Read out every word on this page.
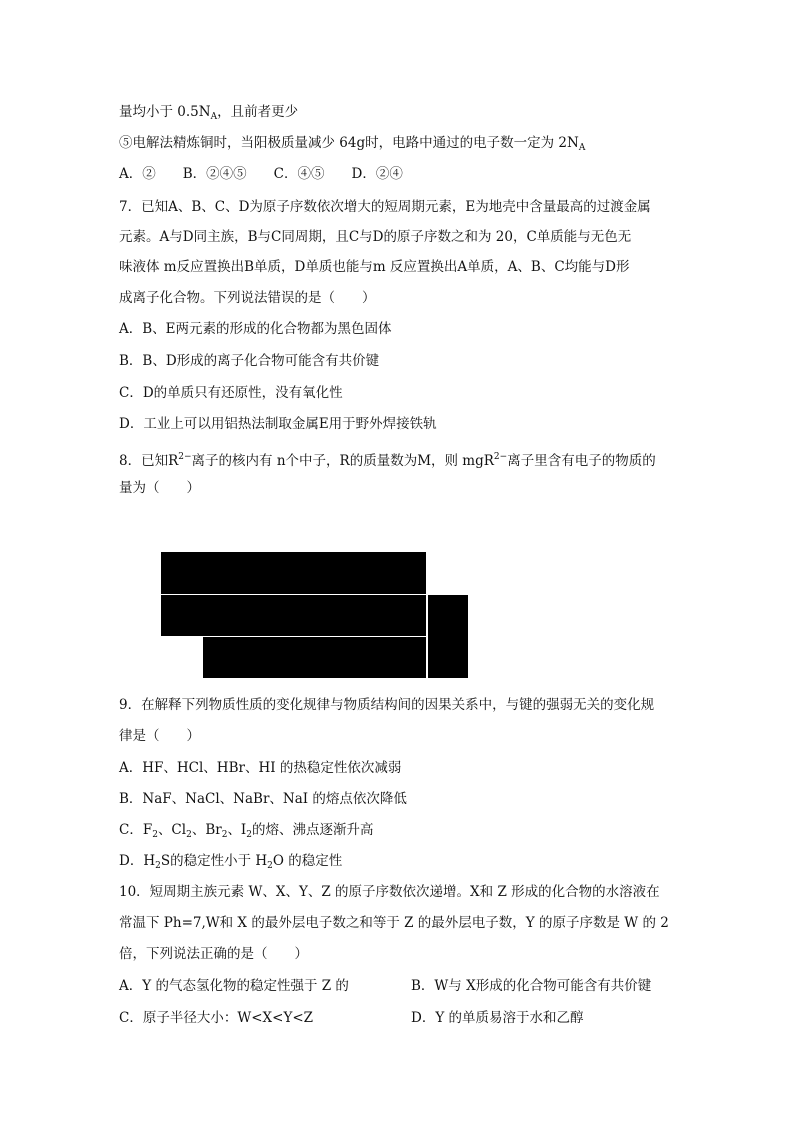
量均小于 $0.5N_A$，且前者更少
⑤电解法精炼铜时，当阳极质量减少 64g时，电路中通过的电子数一定为 $2N_A$
A．②　　B．②④⑤　　C．④⑤　　D．②④
7．已知A、B、C、D为原子序数依次增大的短周期元素，E为地壳中含量最高的过渡金属
元素。A与D同主族，B与C同周期，且C与D的原子序数之和为 20，C单质能与无色无
味液体 m反应置换出B单质，D单质也能与m 反应置换出A单质，A、B、C均能与D形
成离子化合物。下列说法错误的是（　　）
A．B、E两元素的形成的化合物都为黑色固体
B．B、D形成的离子化合物可能含有共价键
C．D的单质只有还原性，没有氧化性
D．工业上可以用铝热法制取金属E用于野外焊接铁轨
8．已知$R^{2-}$离子的核内有 n个中子，R的质量数为M，则 mgR$^{2-}$离子里含有电子的物质的
量为（　　）
9．在解释下列物质性质的变化规律与物质结构间的因果关系中，与键的强弱无关的变化规
律是（　　）
A．HF、HCl、HBr、HI 的热稳定性依次减弱
B．NaF、NaCl、NaBr、NaI 的熔点依次降低
C．$F_2$、$Cl_2$、$Br_2$、$I_2$的熔、沸点逐渐升高
D．$H_2S$的稳定性小于 $H_2O$ 的稳定性
10．短周期主族元素 W、X、Y、Z 的原子序数依次递增。X和 Z 形成的化合物的水溶液在
常温下 Ph=7,W和 X 的最外层电子数之和等于 Z 的最外层电子数，Y 的原子序数是 W 的 2
倍，下列说法正确的是（　　）
A．Y 的气态氢化物的稳定性强于 Z 的	B．W与 X形成的化合物可能含有共价键
C．原子半径大小：W<X<Y<Z	D．Y 的单质易溶于水和乙醇
